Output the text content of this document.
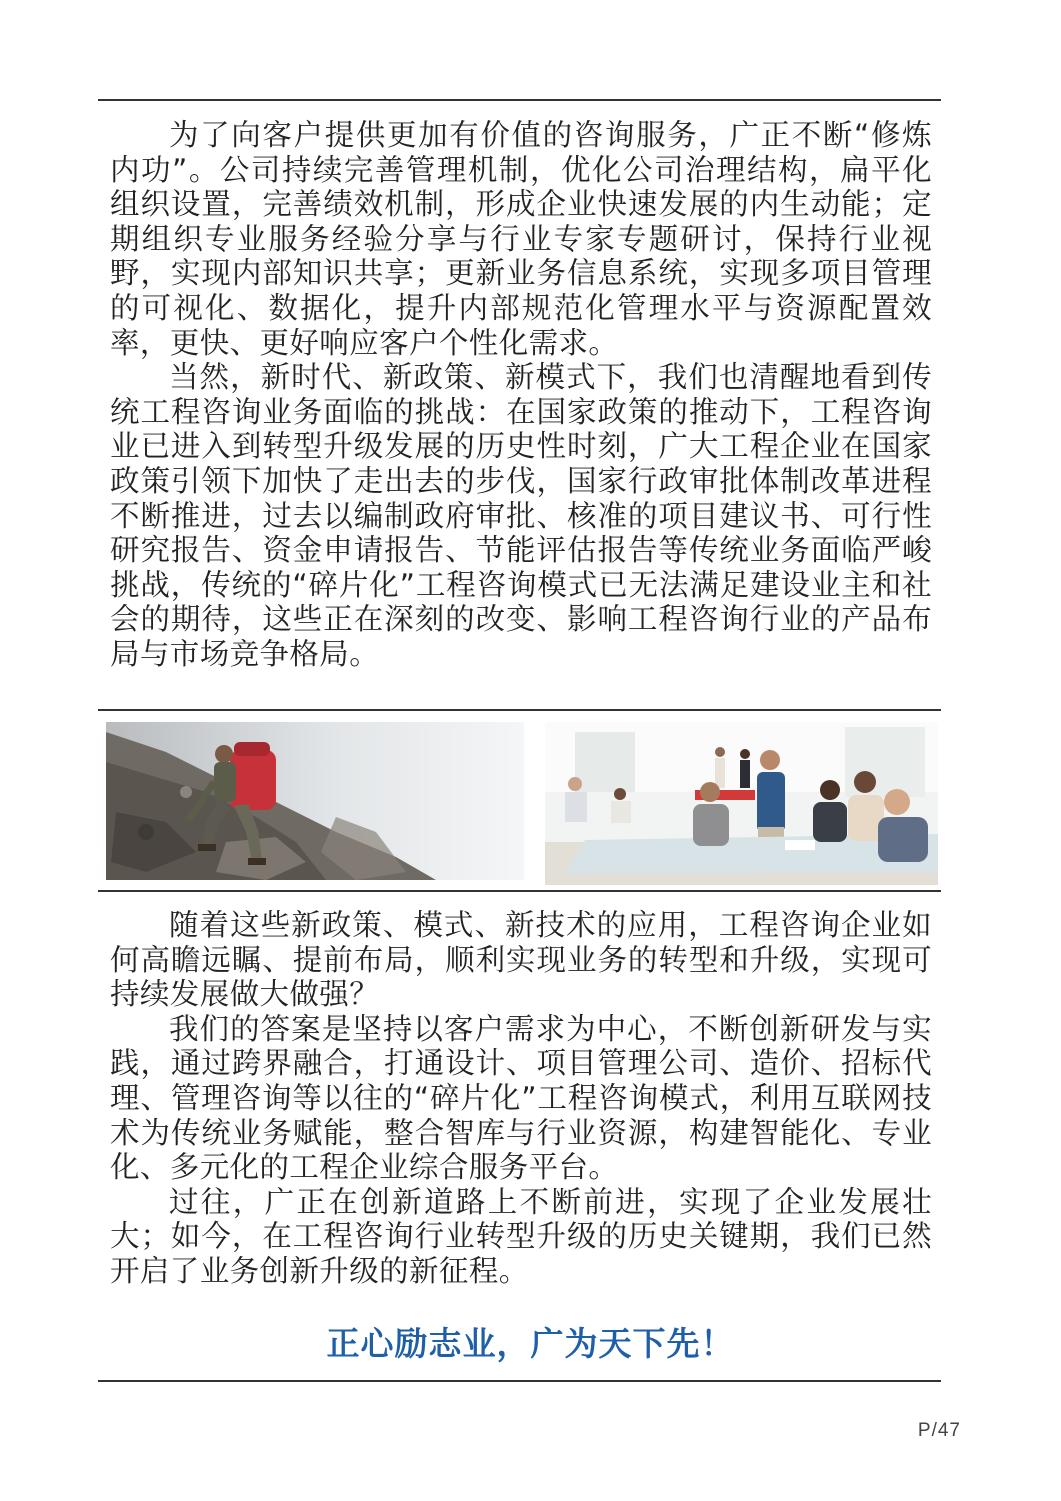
为了向客户提供更加有价值的咨询服务，广正不断“修炼内功”。公司持续完善管理机制，优化公司治理结构，扁平化组织设置，完善绩效机制，形成企业快速发展的内生动能；定期组织专业服务经验分享与行业专家专题研讨，保持行业视野，实现内部知识共享；更新业务信息系统，实现多项目管理的可视化、数据化，提升内部规范化管理水平与资源配置效率，更快、更好响应客户个性化需求。

当然，新时代、新政策、新模式下，我们也清醒地看到传统工程咨询业务面临的挑战：在国家政策的推动下，工程咨询业已进入到转型升级发展的历史性时刻，广大工程企业在国家政策引领下加快了走出去的步伐，国家行政审批体制改革进程不断推进，过去以编制政府审批、核准的项目建议书、可行性研究报告、资金申请报告、节能评估报告等传统业务面临严峻挑战，传统的“碎片化”工程咨询模式已无法满足建设业主和社会的期待，这些正在深刻的改变、影响工程咨询行业的产品布局与市场竞争格局。

随着这些新政策、模式、新技术的应用，工程咨询企业如何高瞻远瞩、提前布局，顺利实现业务的转型和升级，实现可持续发展做大做强？

我们的答案是坚持以客户需求为中心，不断创新研发与实践，通过跨界融合，打通设计、项目管理公司、造价、招标代理、管理咨询等以往的“碎片化”工程咨询模式，利用互联网技术为传统业务赋能，整合智库与行业资源，构建智能化、专业化、多元化的工程企业综合服务平台。

过往，广正在创新道路上不断前进，实现了企业发展壮大；如今，在工程咨询行业转型升级的历史关键期，我们已然开启了业务创新升级的新征程。

正心励志业，广为天下先！
P/47
